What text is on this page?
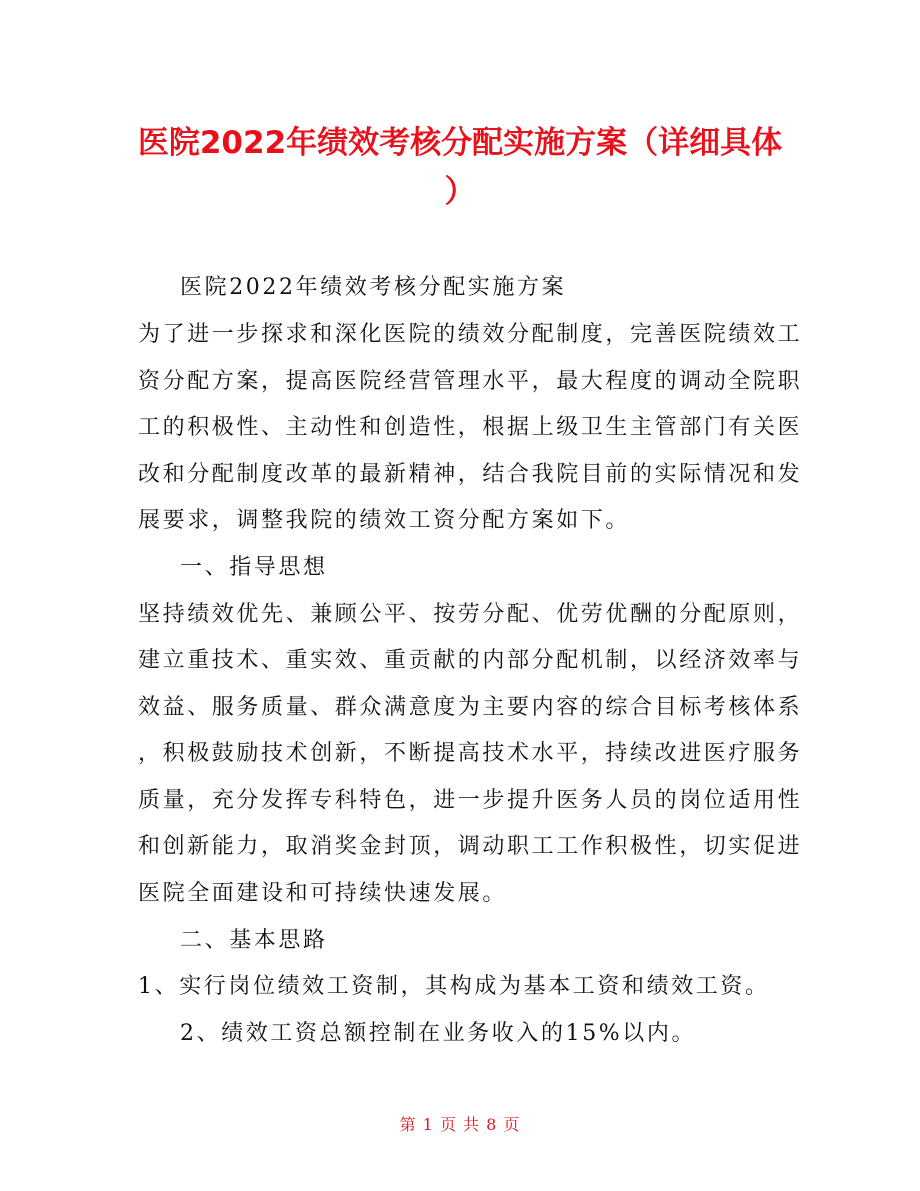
医院2022年绩效考核分配实施方案（详细具体
）
医院2022年绩效考核分配实施方案
为了进一步探求和深化医院的绩效分配制度，完善医院绩效工
资分配方案，提高医院经营管理水平，最大程度的调动全院职
工的积极性、主动性和创造性，根据上级卫生主管部门有关医
改和分配制度改革的最新精神，结合我院目前的实际情况和发
展要求，调整我院的绩效工资分配方案如下。
一、指导思想
坚持绩效优先、兼顾公平、按劳分配、优劳优酬的分配原则，
建立重技术、重实效、重贡献的内部分配机制，以经济效率与
效益、服务质量、群众满意度为主要内容的综合目标考核体系
，积极鼓励技术创新，不断提高技术水平，持续改进医疗服务
质量，充分发挥专科特色，进一步提升医务人员的岗位适用性
和创新能力，取消奖金封顶，调动职工工作积极性，切实促进
医院全面建设和可持续快速发展。
二、基本思路
1、实行岗位绩效工资制，其构成为基本工资和绩效工资。
2、绩效工资总额控制在业务收入的15%以内。
第 1 页 共 8 页
